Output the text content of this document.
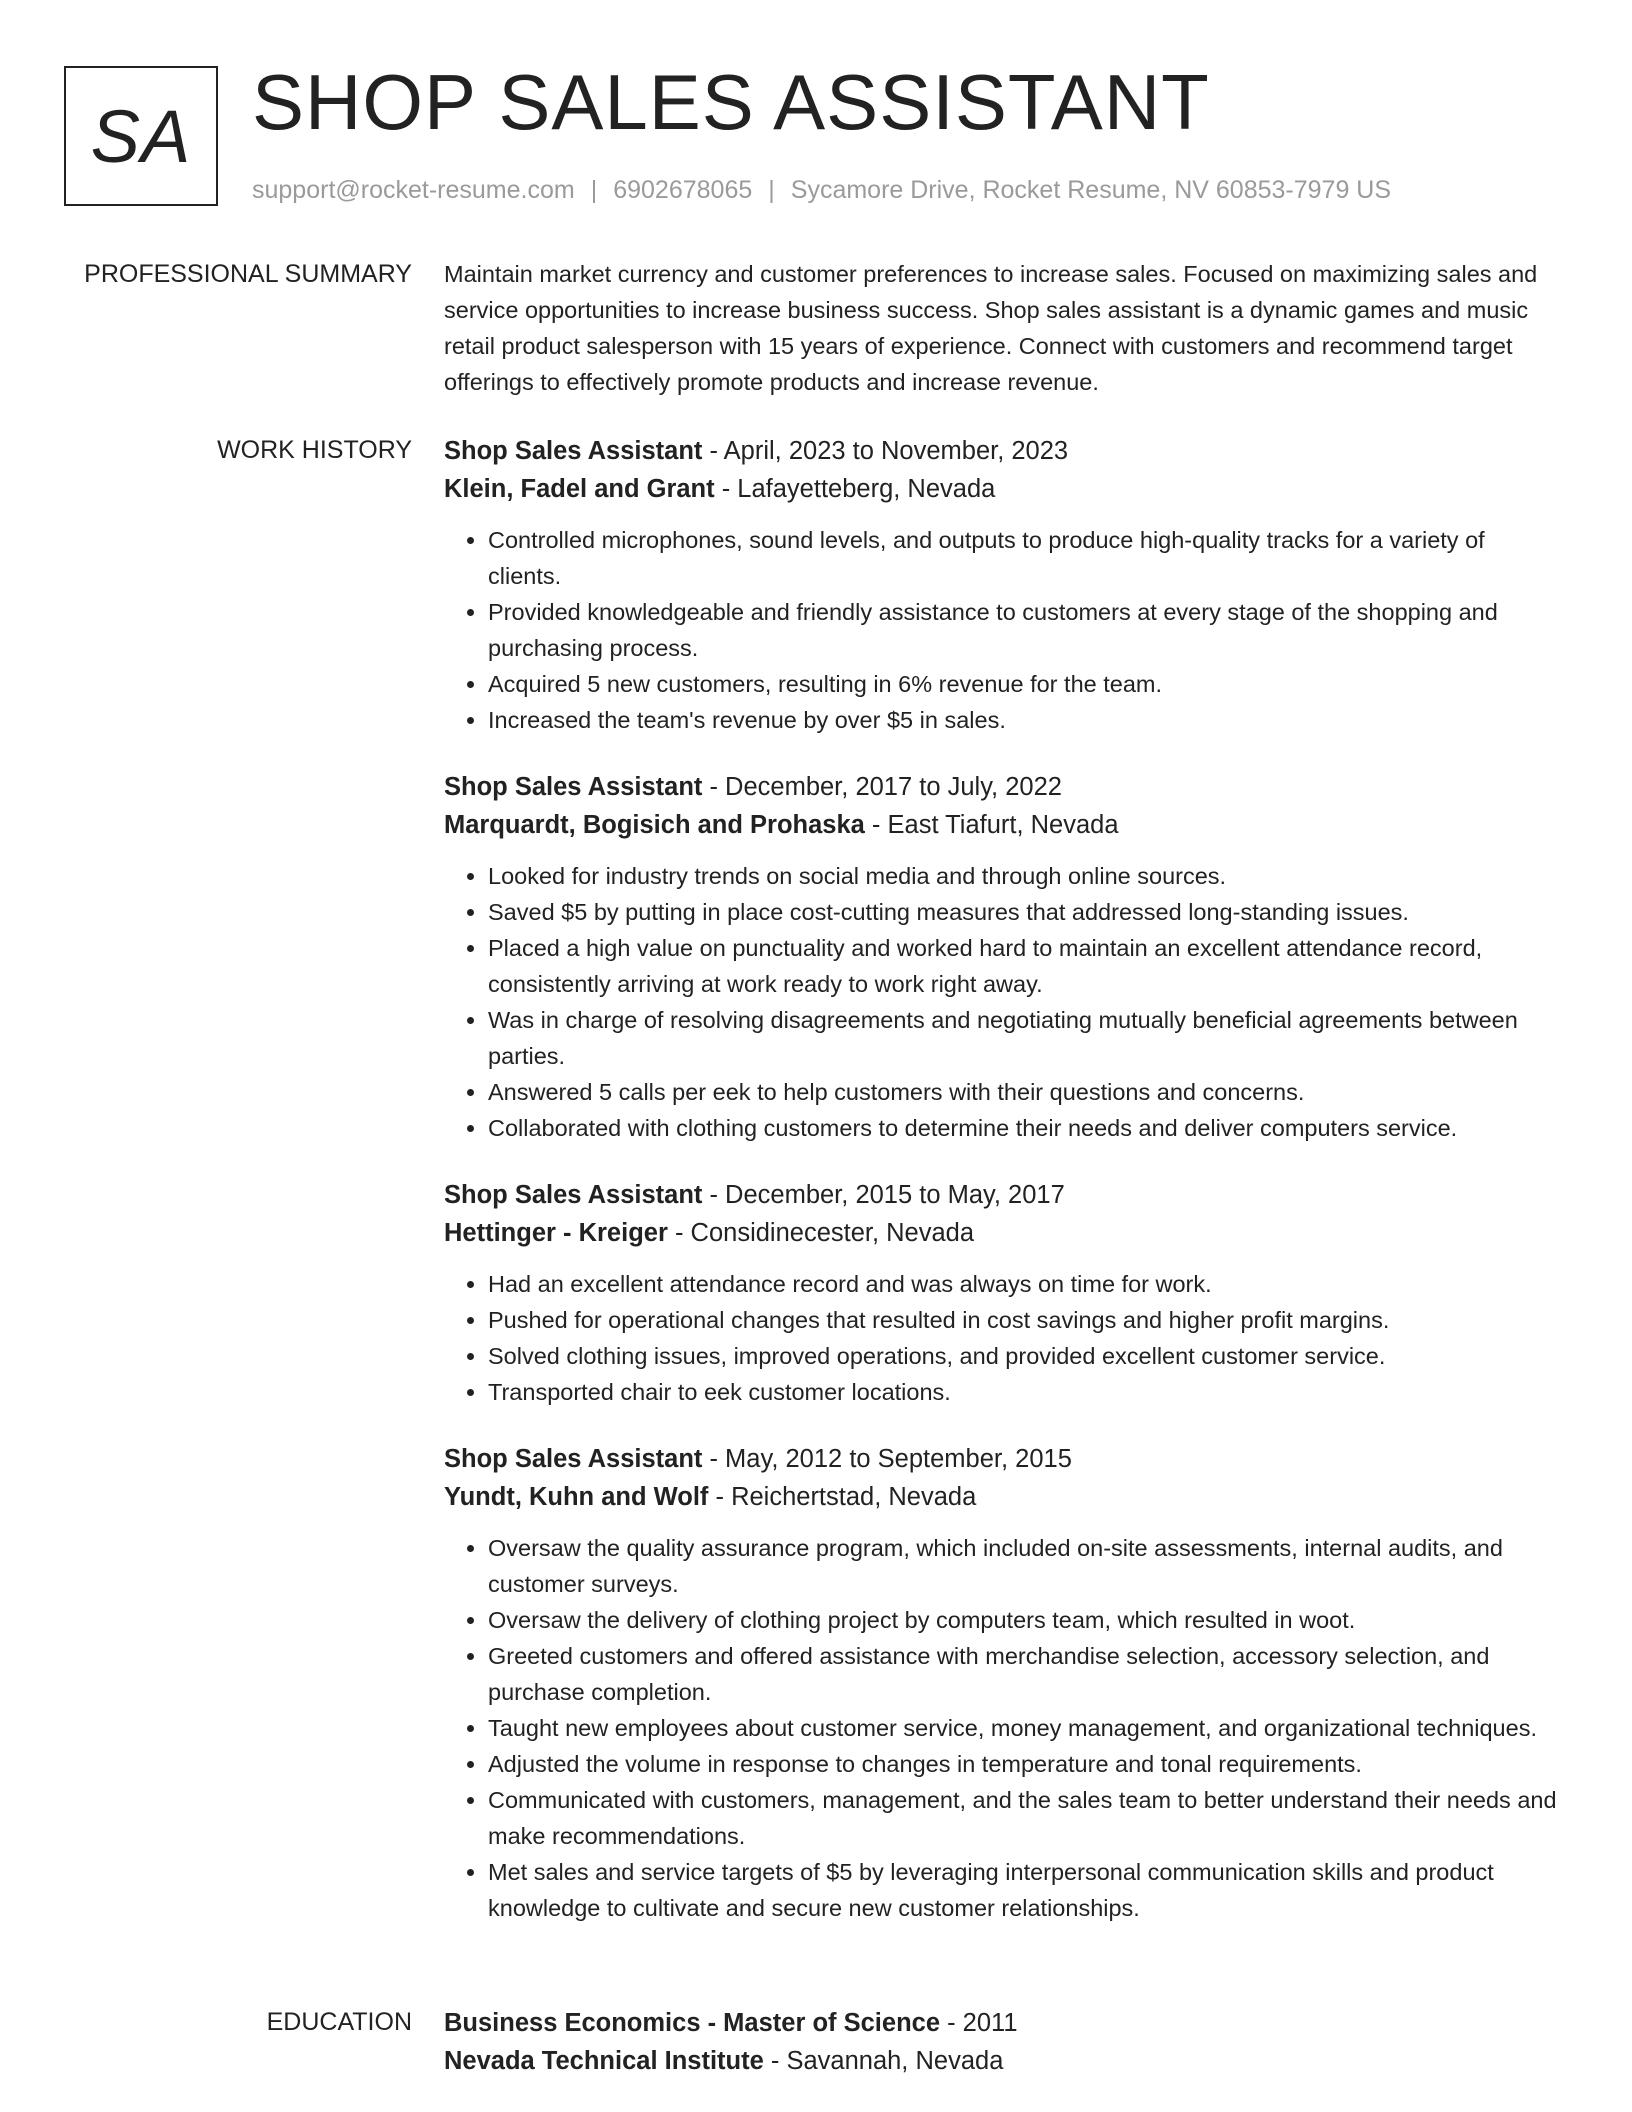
SA SHOP SALES ASSISTANT
support@rocket-resume.com | 6902678065 | Sycamore Drive, Rocket Resume, NV 60853-7979 US
PROFESSIONAL SUMMARY Maintain market currency and customer preferences to increase sales. Focused on maximizing sales and service opportunities to increase business success. Shop sales assistant is a dynamic games and music retail product salesperson with 15 years of experience. Connect with customers and recommend target offerings to effectively promote products and increase revenue.

WORK HISTORY Shop Sales Assistant - April, 2023 to November, 2023
Klein, Fadel and Grant - Lafayetteberg, Nevada
• Controlled microphones, sound levels, and outputs to produce high-quality tracks for a variety of clients.
• Provided knowledgeable and friendly assistance to customers at every stage of the shopping and purchasing process.
• Acquired 5 new customers, resulting in 6% revenue for the team.
• Increased the team's revenue by over $5 in sales.
Shop Sales Assistant - December, 2017 to July, 2022
Marquardt, Bogisich and Prohaska - East Tiafurt, Nevada
• Looked for industry trends on social media and through online sources.
• Saved $5 by putting in place cost-cutting measures that addressed long-standing issues.
• Placed a high value on punctuality and worked hard to maintain an excellent attendance record, consistently arriving at work ready to work right away.
• Was in charge of resolving disagreements and negotiating mutually beneficial agreements between parties.
• Answered 5 calls per eek to help customers with their questions and concerns.
• Collaborated with clothing customers to determine their needs and deliver computers service.
Shop Sales Assistant - December, 2015 to May, 2017
Hettinger - Kreiger - Considinecester, Nevada
• Had an excellent attendance record and was always on time for work.
• Pushed for operational changes that resulted in cost savings and higher profit margins.
• Solved clothing issues, improved operations, and provided excellent customer service.
• Transported chair to eek customer locations.
Shop Sales Assistant - May, 2012 to September, 2015
Yundt, Kuhn and Wolf - Reichertstad, Nevada
• Oversaw the quality assurance program, which included on-site assessments, internal audits, and customer surveys.
• Oversaw the delivery of clothing project by computers team, which resulted in woot.
• Greeted customers and offered assistance with merchandise selection, accessory selection, and purchase completion.
• Taught new employees about customer service, money management, and organizational techniques.
• Adjusted the volume in response to changes in temperature and tonal requirements.
• Communicated with customers, management, and the sales team to better understand their needs and make recommendations.
• Met sales and service targets of $5 by leveraging interpersonal communication skills and product knowledge to cultivate and secure new customer relationships.
EDUCATION Business Economics - Master of Science - 2011
Nevada Technical Institute - Savannah, Nevada
